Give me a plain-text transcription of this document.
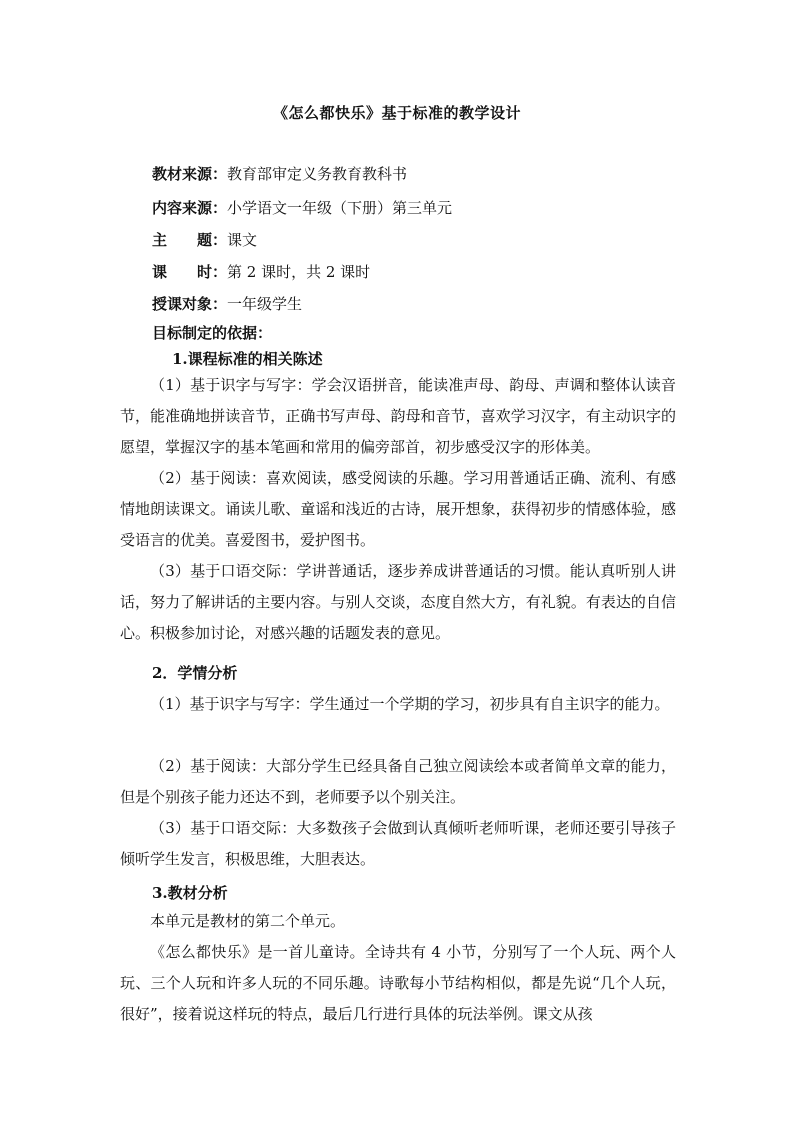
《怎么都快乐》基于标准的教学设计
教材来源：教育部审定义务教育教科书
内容来源：小学语文一年级（下册）第三单元
主　　题：课文
课　　时：第 2 课时，共 2 课时
授课对象：一年级学生
目标制定的依据：
1.课程标准的相关陈述

（1）基于识字与写字：学会汉语拼音，能读准声母、韵母、声调和整体认读音节，能准确地拼读音节，正确书写声母、韵母和音节，喜欢学习汉字，有主动识字的愿望，掌握汉字的基本笔画和常用的偏旁部首，初步感受汉字的形体美。

（2）基于阅读：喜欢阅读，感受阅读的乐趣。学习用普通话正确、流利、有感情地朗读课文。诵读儿歌、童谣和浅近的古诗，展开想象，获得初步的情感体验，感受语言的优美。喜爱图书，爱护图书。

（3）基于口语交际：学讲普通话，逐步养成讲普通话的习惯。能认真听别人讲话，努力了解讲话的主要内容。与别人交谈，态度自然大方，有礼貌。有表达的自信心。积极参加讨论，对感兴趣的话题发表的意见。

2．学情分析

（1）基于识字与写字：学生通过一个学期的学习，初步具有自主识字的能力。

（2）基于阅读：大部分学生已经具备自己独立阅读绘本或者简单文章的能力，但是个别孩子能力还达不到，老师要予以个别关注。

（3）基于口语交际：大多数孩子会做到认真倾听老师听课，老师还要引导孩子倾听学生发言，积极思维，大胆表达。

3.教材分析

本单元是教材的第二个单元。

《怎么都快乐》是一首儿童诗。全诗共有 4 小节，分别写了一个人玩、两个人玩、三个人玩和许多人玩的不同乐趣。诗歌每小节结构相似，都是先说“几个人玩，很好”，接着说这样玩的特点，最后几行进行具体的玩法举例。课文从孩
